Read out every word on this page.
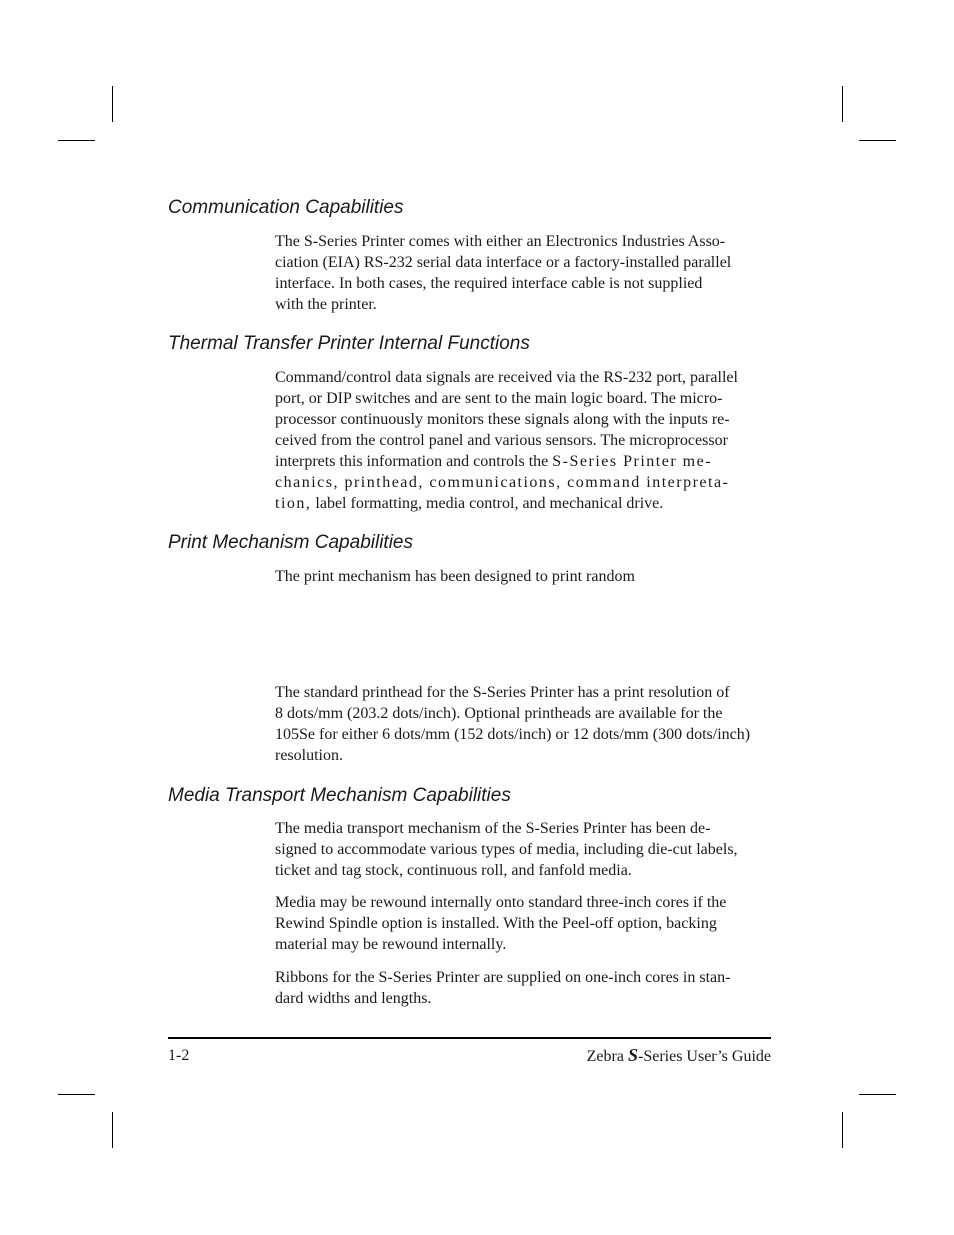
Communication Capabilities

The S-Series Printer comes with either an Electronics Industries Asso-

ciation (EIA) RS-232 serial data interface or a factory-installed parallel

interface. In both cases, the required interface cable is not supplied

with the printer.

Thermal Transfer Printer Internal Functions

Command/control data signals are received via the RS-232 port, parallel

port, or DIP switches and are sent to the main logic board. The micro-

processor continuously monitors these signals along with the inputs re-

ceived from the control panel and various sensors. The microprocessor

interprets this information and controls the S-Series Printer me-

chanics, printhead, communications, command interpreta-

tion, label formatting, media control, and mechanical drive.

Print Mechanism Capabilities

The print mechanism has been designed to print random

The standard printhead for the S-Series Printer has a print resolution of

8 dots/mm (203.2 dots/inch). Optional printheads are available for the

105Se for either 6 dots/mm (152 dots/inch) or 12 dots/mm (300 dots/inch)

resolution.

Media Transport Mechanism Capabilities

The media transport mechanism of the S-Series Printer has been de-

signed to accommodate various types of media, including die-cut labels,

ticket and tag stock, continuous roll, and fanfold media.

Media may be rewound internally onto standard three-inch cores if the

Rewind Spindle option is installed. With the Peel-off option, backing

material may be rewound internally.

Ribbons for the S-Series Printer are supplied on one-inch cores in stan-

dard widths and lengths.

1-2	Zebra S-Series User’s Guide
